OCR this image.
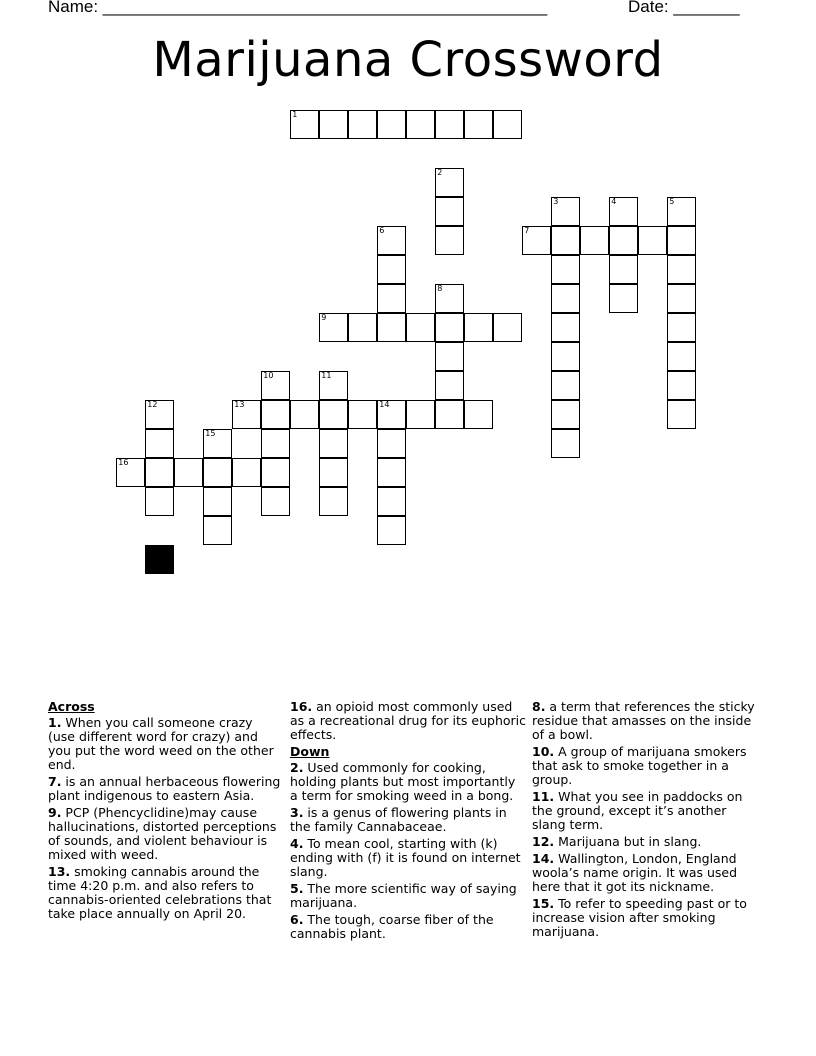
Name: _______________________________________________	Date: _______
Marijuana Crossword
1
7
9
13	14
16
2
3	4	5
6
8
10	11
12
15
Across
1. When you call someone crazy (use different word for crazy) and you put the word weed on the other end.
7. is an annual herbaceous flowering plant indigenous to eastern Asia.
9. PCP (Phencyclidine)may cause hallucinations, distorted perceptions of sounds, and violent behaviour is mixed with weed.
13. smoking cannabis around the time 4:20 p.m. and also refers to cannabis-oriented celebrations that take place annually on April 20.
16. an opioid most commonly used as a recreational drug for its euphoric effects.
Down
2. Used commonly for cooking, holding plants but most importantly a term for smoking weed in a bong.
3. is a genus of flowering plants in the family Cannabaceae.
4. To mean cool, starting with (k) ending with (f) it is found on internet slang.
5. The more scientific way of saying marijuana.
6. The tough, coarse fiber of the cannabis plant.
8. a term that references the sticky residue that amasses on the inside of a bowl.
10. A group of marijuana smokers that ask to smoke together in a group.
11. What you see in paddocks on the ground, except it’s another slang term.
12. Marijuana but in slang.
14. Wallington, London, England woola’s name origin. It was used here that it got its nickname.
15. To refer to speeding past or to increase vision after smoking marijuana.
